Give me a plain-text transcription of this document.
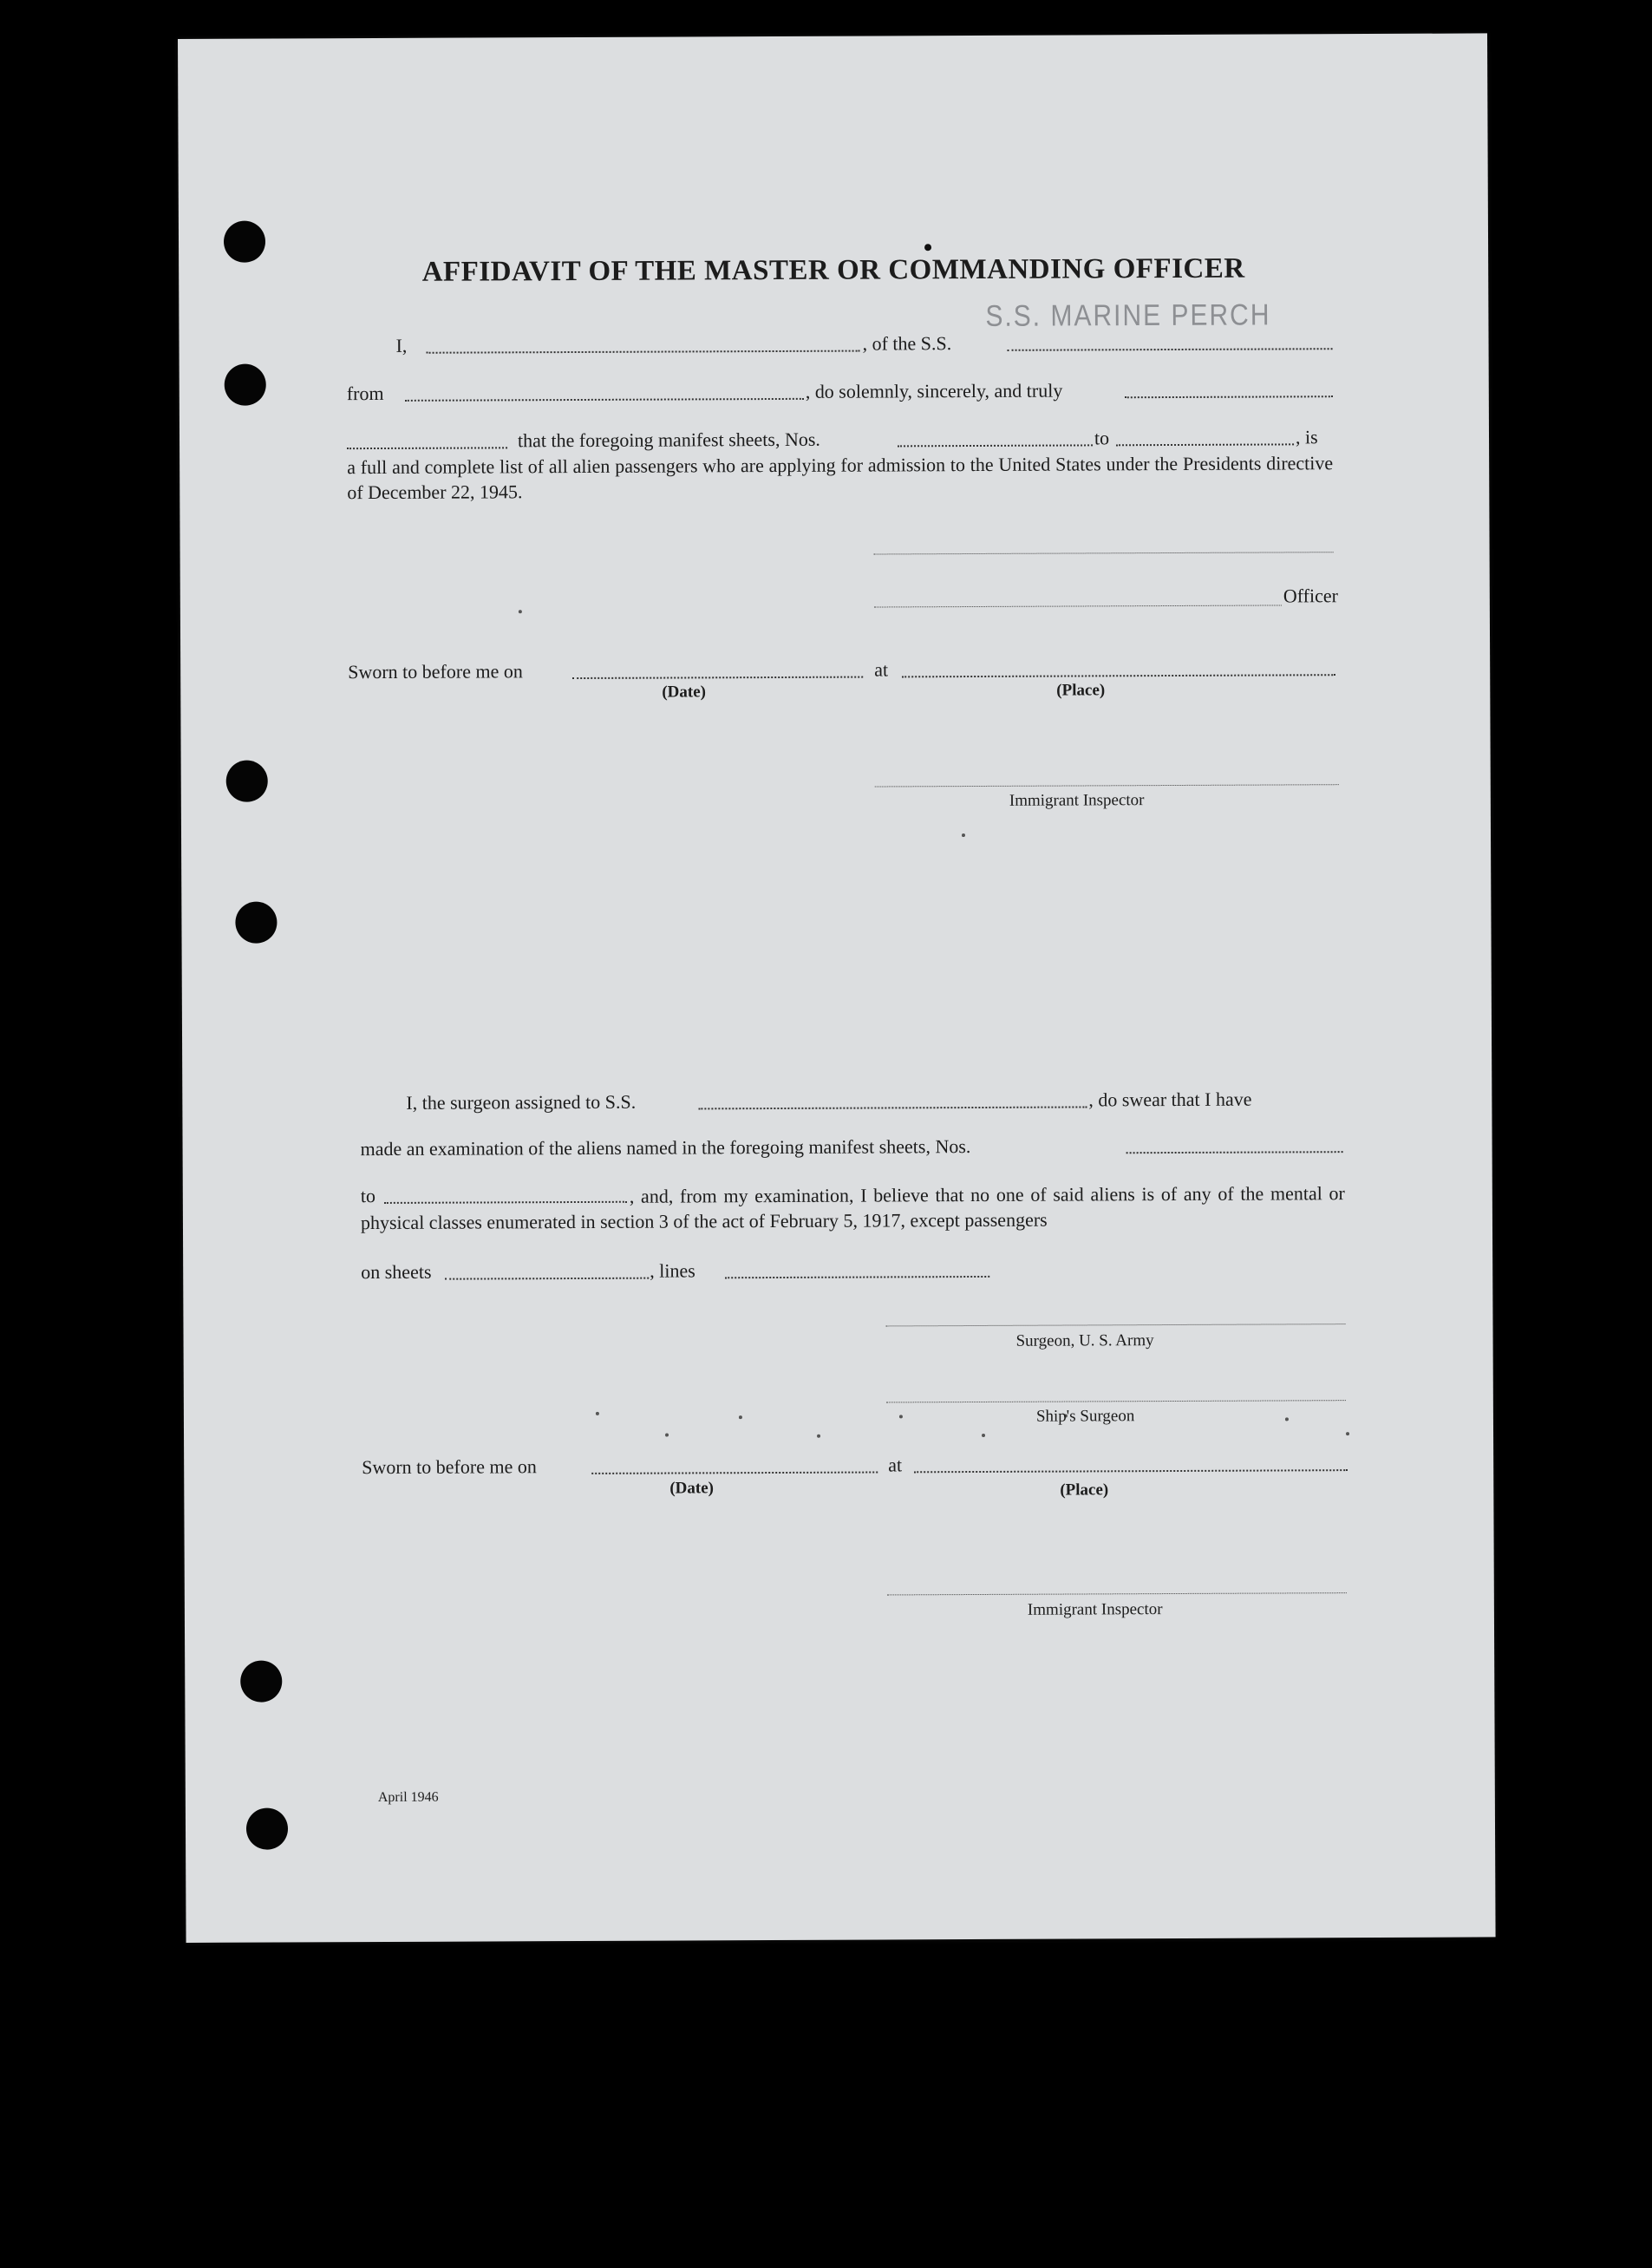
AFFIDAVIT OF THE MASTER OR COMMANDING OFFICER
S.S. MARINE PERCH
I,	, of the S.S.
from	, do solemnly, sincerely, and truly
that the foregoing manifest sheets, Nos.	to	, is
a full and complete list of all alien passengers who are applying for admission to the United States under the Presidents directive of December 22, 1945.
Officer
Sworn to before me on	at
(Date)	(Place)
Immigrant Inspector
I, the surgeon assigned to S.S.	, do swear that I have
made an examination of the aliens named in the foregoing manifest sheets, Nos.
to	, and, from my examination, I believe that no one of said aliens is of any of the mental or physical classes enumerated in section 3 of the act of February 5, 1917, except passengers
on sheets	, lines
Surgeon, U. S. Army
Ship's Surgeon
Sworn to before me on	at
(Date)	(Place)
Immigrant Inspector
April 1946
